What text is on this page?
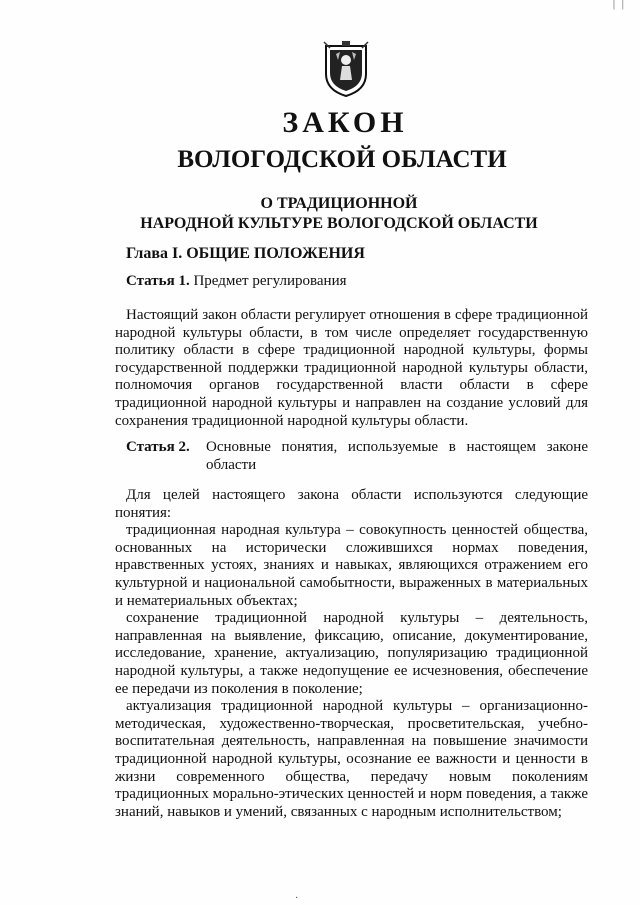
| |
ЗАКОН
ВОЛОГОДСКОЙ ОБЛАСТИ
О ТРАДИЦИОННОЙ
НАРОДНОЙ КУЛЬТУРЕ ВОЛОГОДСКОЙ ОБЛАСТИ
Глава I. ОБЩИЕ ПОЛОЖЕНИЯ
Статья 1. Предмет регулирования

Настоящий закон области регулирует отношения в сфере традиционной народной культуры области, в том числе определяет государственную политику области в сфере традиционной народной культуры, формы государственной поддержки традиционной народной культуры области, полномочия органов государственной власти области в сфере традиционной народной культуры и направлен на создание условий для сохранения традиционной народной культуры области.

Статья 2.	Основные понятия, используемые в настоящем законе области

Для целей настоящего закона области используются следующие понятия:

традиционная народная культура – совокупность ценностей общества, основанных на исторически сложившихся нормах поведения, нравственных устоях, знаниях и навыках, являющихся отражением его культурной и национальной самобытности, выраженных в материальных и нематериальных объектах;

сохранение традиционной народной культуры – деятельность, направленная на выявление, фиксацию, описание, документирование, исследование, хранение, актуализацию, популяризацию традиционной народной культуры, а также недопущение ее исчезновения, обеспечение ее передачи из поколения в поколение;

актуализация традиционной народной культуры – организационно-методическая, художественно-творческая, просветительская, учебно-воспитательная деятельность, направленная на повышение значимости традиционной народной культуры, осознание ее важности и ценности в жизни современного общества, передачу новым поколениям традиционных морально-этических ценностей и норм поведения, а также знаний, навыков и умений, связанных с народным исполнительством;

·
